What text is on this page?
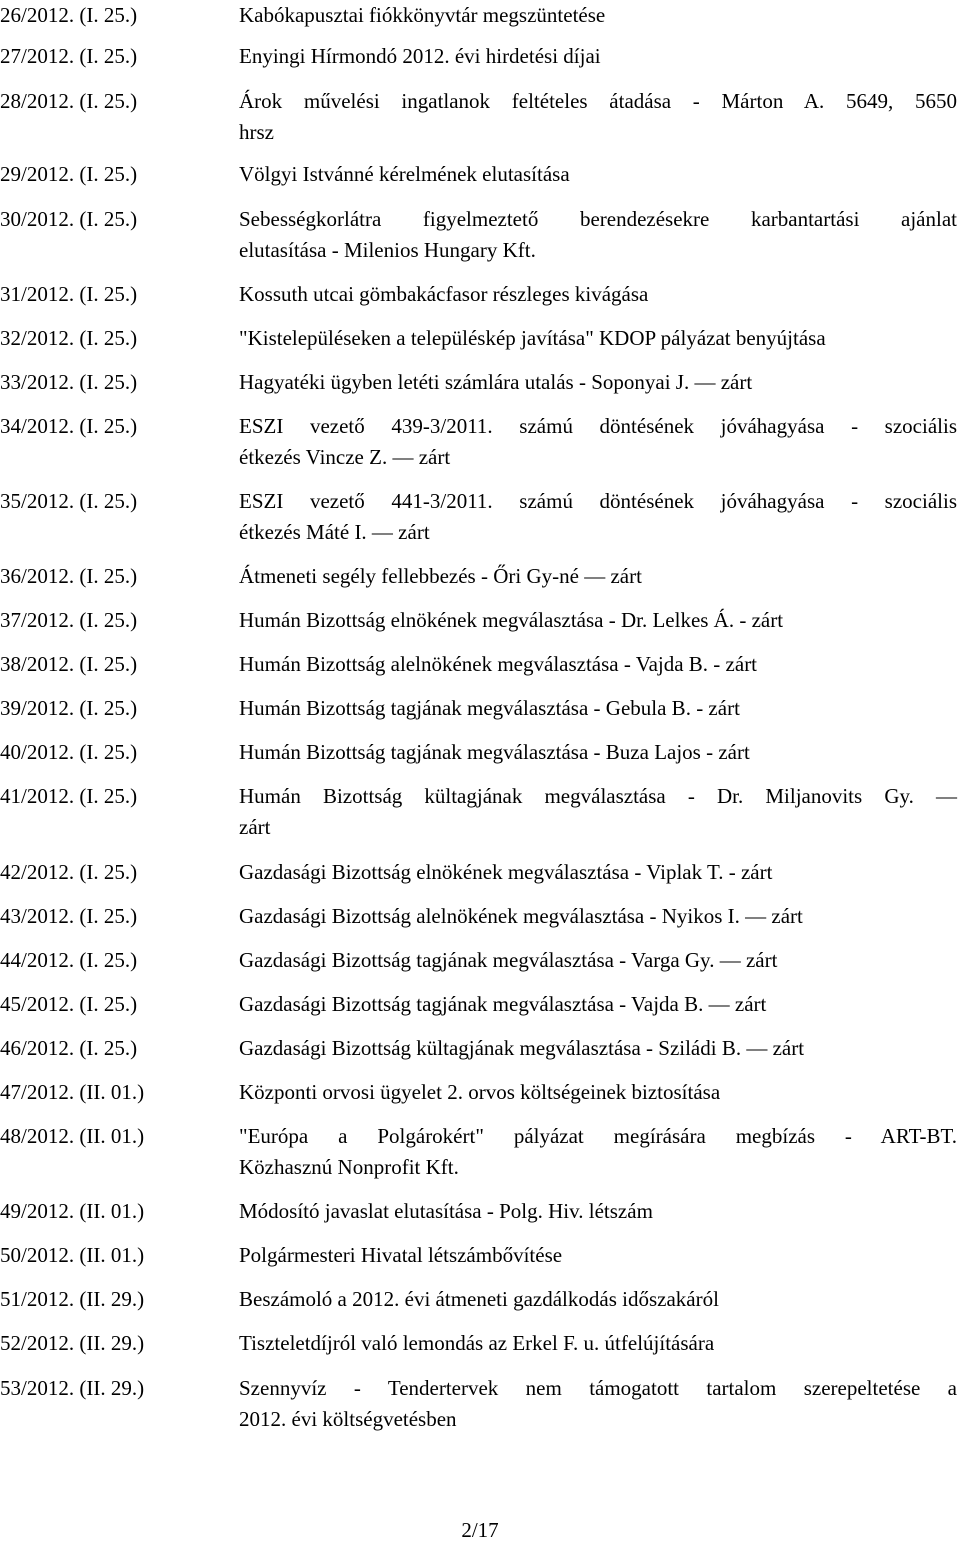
26/2012. (I. 25.)	Kabókapusztai fiókkönyvtár megszüntetése
27/2012. (I. 25.)	Enyingi Hírmondó 2012. évi hirdetési díjai
28/2012. (I. 25.)	Árok művelési ingatlanok feltételes átadása - Márton A. 5649, 5650
hrsz
29/2012. (I. 25.)	Völgyi Istvánné kérelmének elutasítása
30/2012. (I. 25.)	Sebességkorlátra figyelmeztető berendezésekre karbantartási ajánlat
elutasítása - Milenios Hungary Kft.
31/2012. (I. 25.)	Kossuth utcai gömbakácfasor részleges kivágása
32/2012. (I. 25.)	"Kistelepüléseken a településkép javítása" KDOP pályázat benyújtása
33/2012. (I. 25.)	Hagyatéki ügyben letéti számlára utalás - Soponyai J. — zárt
34/2012. (I. 25.)	ESZI vezető 439-3/2011. számú döntésének jóváhagyása - szociális
étkezés Vincze Z. — zárt
35/2012. (I. 25.)	ESZI vezető 441-3/2011. számú döntésének jóváhagyása - szociális
étkezés Máté I. — zárt
36/2012. (I. 25.)	Átmeneti segély fellebbezés - Őri Gy-né — zárt
37/2012. (I. 25.)	Humán Bizottság elnökének megválasztása - Dr. Lelkes Á. - zárt
38/2012. (I. 25.)	Humán Bizottság alelnökének megválasztása - Vajda B. - zárt
39/2012. (I. 25.)	Humán Bizottság tagjának megválasztása - Gebula B. - zárt
40/2012. (I. 25.)	Humán Bizottság tagjának megválasztása - Buza Lajos - zárt
41/2012. (I. 25.)	Humán Bizottság kültagjának megválasztása - Dr. Miljanovits Gy. —
zárt
42/2012. (I. 25.)	Gazdasági Bizottság elnökének megválasztása - Viplak T. - zárt
43/2012. (I. 25.)	Gazdasági Bizottság alelnökének megválasztása - Nyikos I. — zárt
44/2012. (I. 25.)	Gazdasági Bizottság tagjának megválasztása - Varga Gy. — zárt
45/2012. (I. 25.)	Gazdasági Bizottság tagjának megválasztása - Vajda B. — zárt
46/2012. (I. 25.)	Gazdasági Bizottság kültagjának megválasztása - Sziládi B. — zárt
47/2012. (II. 01.)	Központi orvosi ügyelet 2. orvos költségeinek biztosítása
48/2012. (II. 01.)	"Európa a Polgárokért" pályázat megírására megbízás - ART-BT.
Közhasznú Nonprofit Kft.
49/2012. (II. 01.)	Módosító javaslat elutasítása - Polg. Hiv. létszám
50/2012. (II. 01.)	Polgármesteri Hivatal létszámbővítése
51/2012. (II. 29.)	Beszámoló a 2012. évi átmeneti gazdálkodás időszakáról
52/2012. (II. 29.)	Tiszteletdíjról való lemondás az Erkel F. u. útfelújítására
53/2012. (II. 29.)	Szennyvíz - Tendertervek nem támogatott tartalom szerepeltetése a
2012. évi költségvetésben
2/17
